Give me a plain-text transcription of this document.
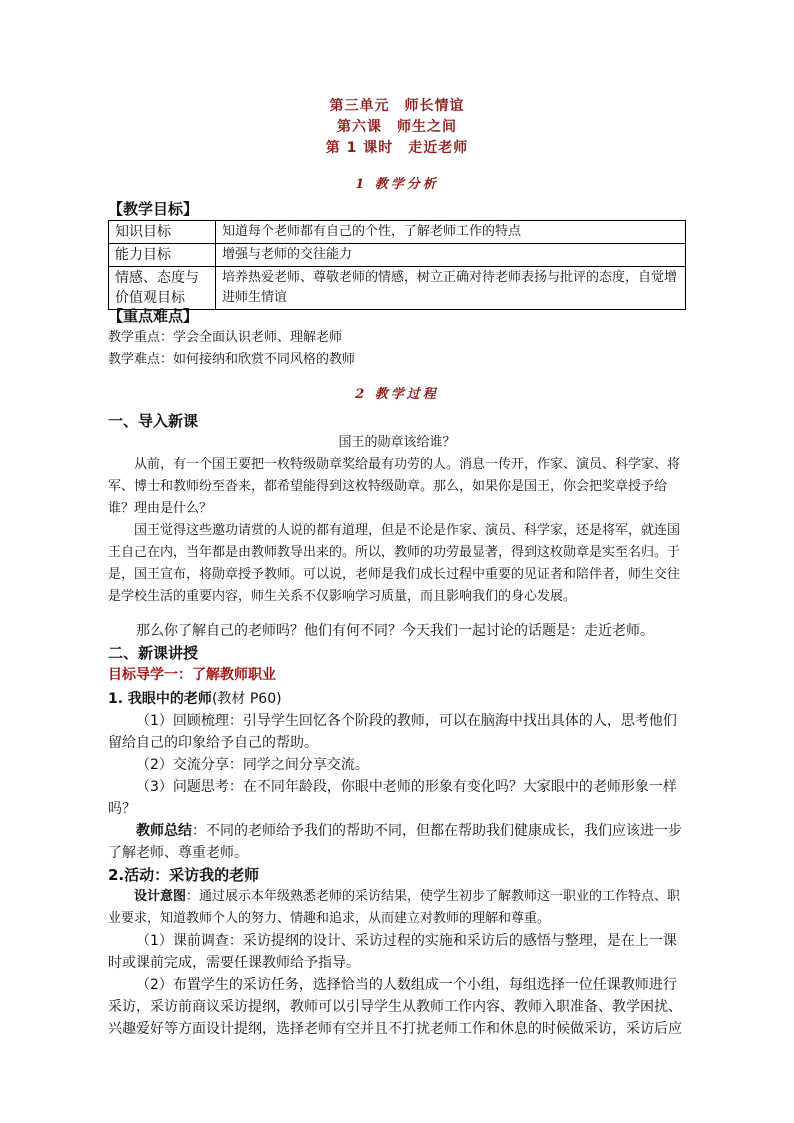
第三单元　师长情谊
第六课　师生之间
第 1 课时　走近老师
1 教学分析
【教学目标】
知识目标	知道每个老师都有自己的个性，了解老师工作的特点
能力目标	增强与老师的交往能力
情感、态度与价值观目标	培养热爱老师、尊敬老师的情感，树立正确对待老师表扬与批评的态度，自觉增进师生情谊
【重点难点】
教学重点：学会全面认识老师、理解老师
教学难点：如何接纳和欣赏不同风格的教师
2 教学过程
一、导入新课
国王的勋章该给谁？
从前，有一个国王要把一枚特级勋章奖给最有功劳的人。消息一传开，作家、演员、科学家、将军、博士和教师纷至沓来，都希望能得到这枚特级勋章。那么，如果你是国王，你会把奖章授予给谁？理由是什么？
国王觉得这些邀功请赏的人说的都有道理，但是不论是作家、演员、科学家，还是将军，就连国王自己在内，当年都是由教师教导出来的。所以，教师的功劳最显著，得到这枚勋章是实至名归。于是，国王宣布，将勋章授予教师。可以说，老师是我们成长过程中重要的见证者和陪伴者，师生交往是学校生活的重要内容，师生关系不仅影响学习质量，而且影响我们的身心发展。
那么你了解自己的老师吗？他们有何不同？今天我们一起讨论的话题是：走近老师。
二、新课讲授
目标导学一：了解教师职业
1. 我眼中的老师(教材 P60)
（1）回顾梳理：引导学生回忆各个阶段的教师，可以在脑海中找出具体的人，思考他们留给自己的印象给予自己的帮助。
（2）交流分享：同学之间分享交流。
（3）问题思考：在不同年龄段，你眼中老师的形象有变化吗？大家眼中的老师形象一样吗？
教师总结：不同的老师给予我们的帮助不同，但都在帮助我们健康成长，我们应该进一步了解老师、尊重老师。
2.活动：采访我的老师
设计意图：通过展示本年级熟悉老师的采访结果，使学生初步了解教师这一职业的工作特点、职业要求，知道教师个人的努力、情趣和追求，从而建立对教师的理解和尊重。
（1）课前调查：采访提纲的设计、采访过程的实施和采访后的感悟与整理，是在上一课时或课前完成，需要任课教师给予指导。
（2）布置学生的采访任务，选择恰当的人数组成一个小组，每组选择一位任课教师进行采访，采访前商议采访提纲，教师可以引导学生从教师工作内容、教师入职准备、教学困扰、兴趣爱好等方面设计提纲，选择老师有空并且不打扰老师工作和休息的时候做采访，采访后应
